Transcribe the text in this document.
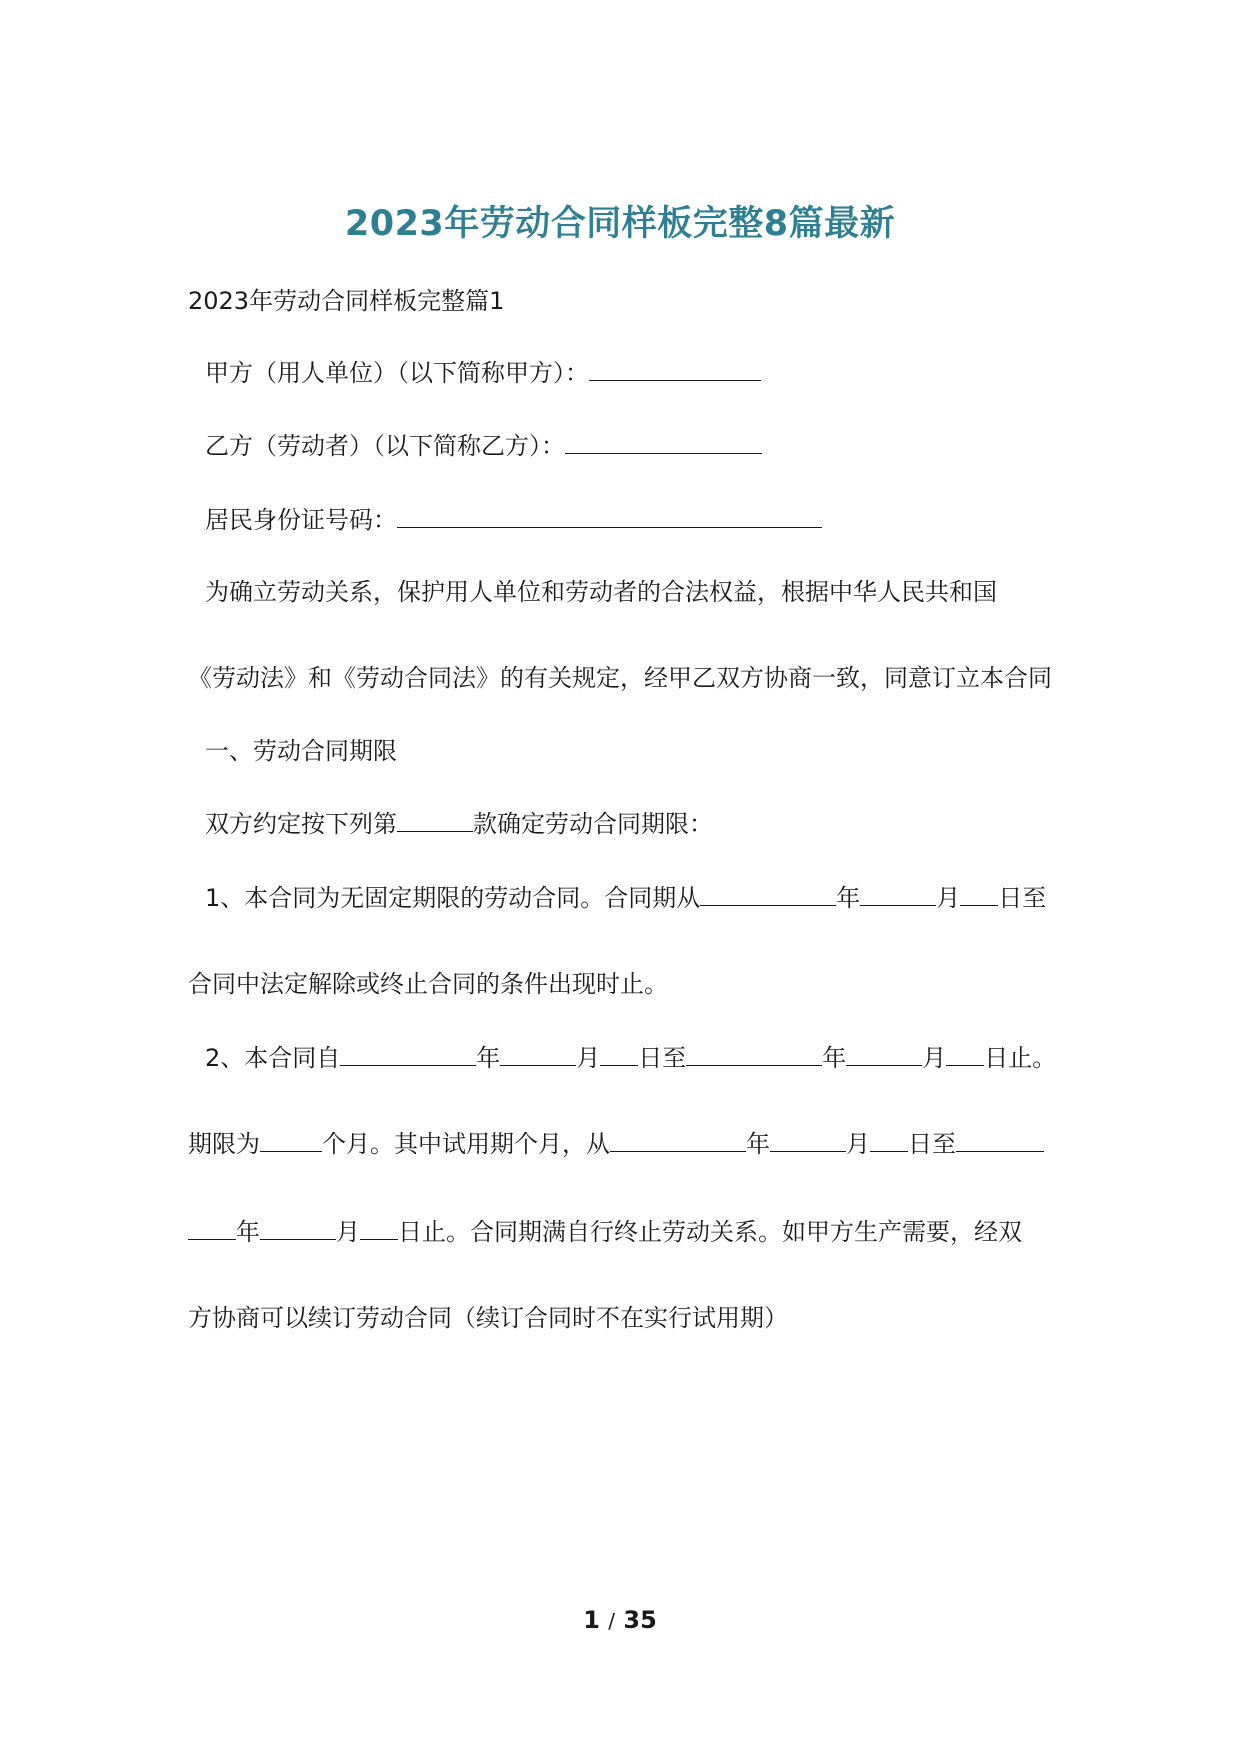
2023年劳动合同样板完整8篇最新
2023年劳动合同样板完整篇1
甲方（用人单位）（以下简称甲方）：
乙方（劳动者）（以下简称乙方）：
居民身份证号码：
为确立劳动关系，保护用人单位和劳动者的合法权益，根据中华人民共和国
《劳动法》和《劳动合同法》的有关规定，经甲乙双方协商一致，同意订立本合同
一、劳动合同期限
双方约定按下列第	款确定劳动合同期限：
1、本合同为无固定期限的劳动合同。合同期从	年	月 日至
合同中法定解除或终止合同的条件出现时止。
2、本合同自	年	月 日至	年	月 日止。
期限为	个月。其中试用期个月，从	年	月 日至
年	月 日止。合同期满自行终止劳动关系。如甲方生产需要，经双
方协商可以续订劳动合同（续订合同时不在实行试用期）
1 / 35
